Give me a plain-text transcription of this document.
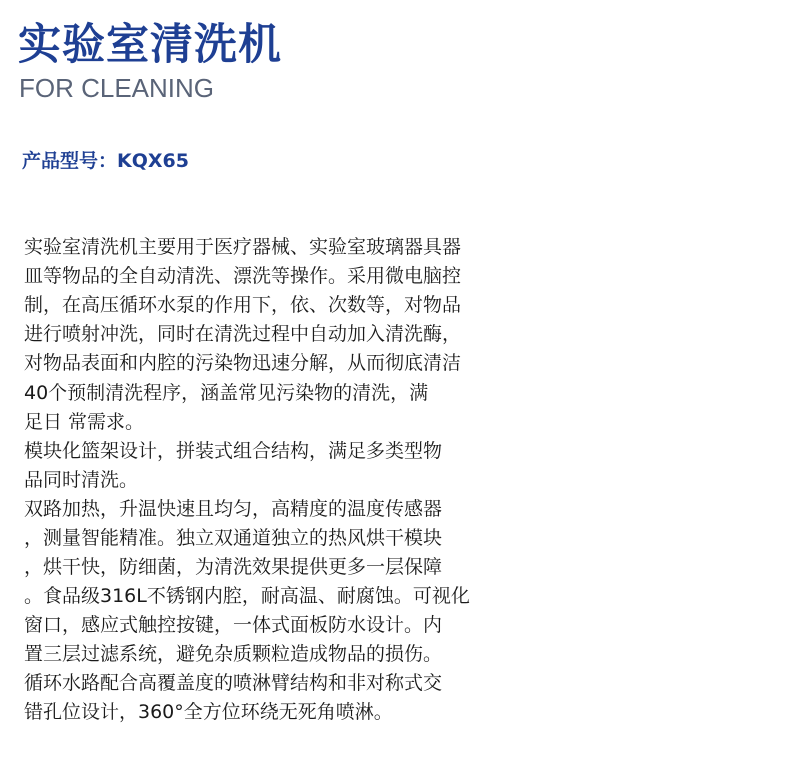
实验室清洗机
FOR CLEANING

产品型号：KQX65

实验室清洗机主要用于医疗器械、实验室玻璃器具器
皿等物品的全自动清洗、漂洗等操作。采用微电脑控
制，在高压循环水泵的作用下，依、次数等，对物品
进行喷射冲洗，同时在清洗过程中自动加入清洗酶，
对物品表面和内腔的污染物迅速分解，从而彻底清洁

40个预制清洗程序，涵盖常见污染物的清洗，满
足日 常需求。
模块化篮架设计，拼装式组合结构，满足多类型物
品同时清洗。
双路加热，升温快速且均匀，高精度的温度传感器
，测量智能精准。独立双通道独立的热风烘干模块
，烘干快，防细菌，为清洗效果提供更多一层保障
。食品级316L不锈钢内腔，耐高温、耐腐蚀。可视化
窗口，感应式触控按键，一体式面板防水设计。内
置三层过滤系统，避免杂质颗粒造成物品的损伤。
循环水路配合高覆盖度的喷淋臂结构和非对称式交
错孔位设计，360°全方位环绕无死角喷淋。
